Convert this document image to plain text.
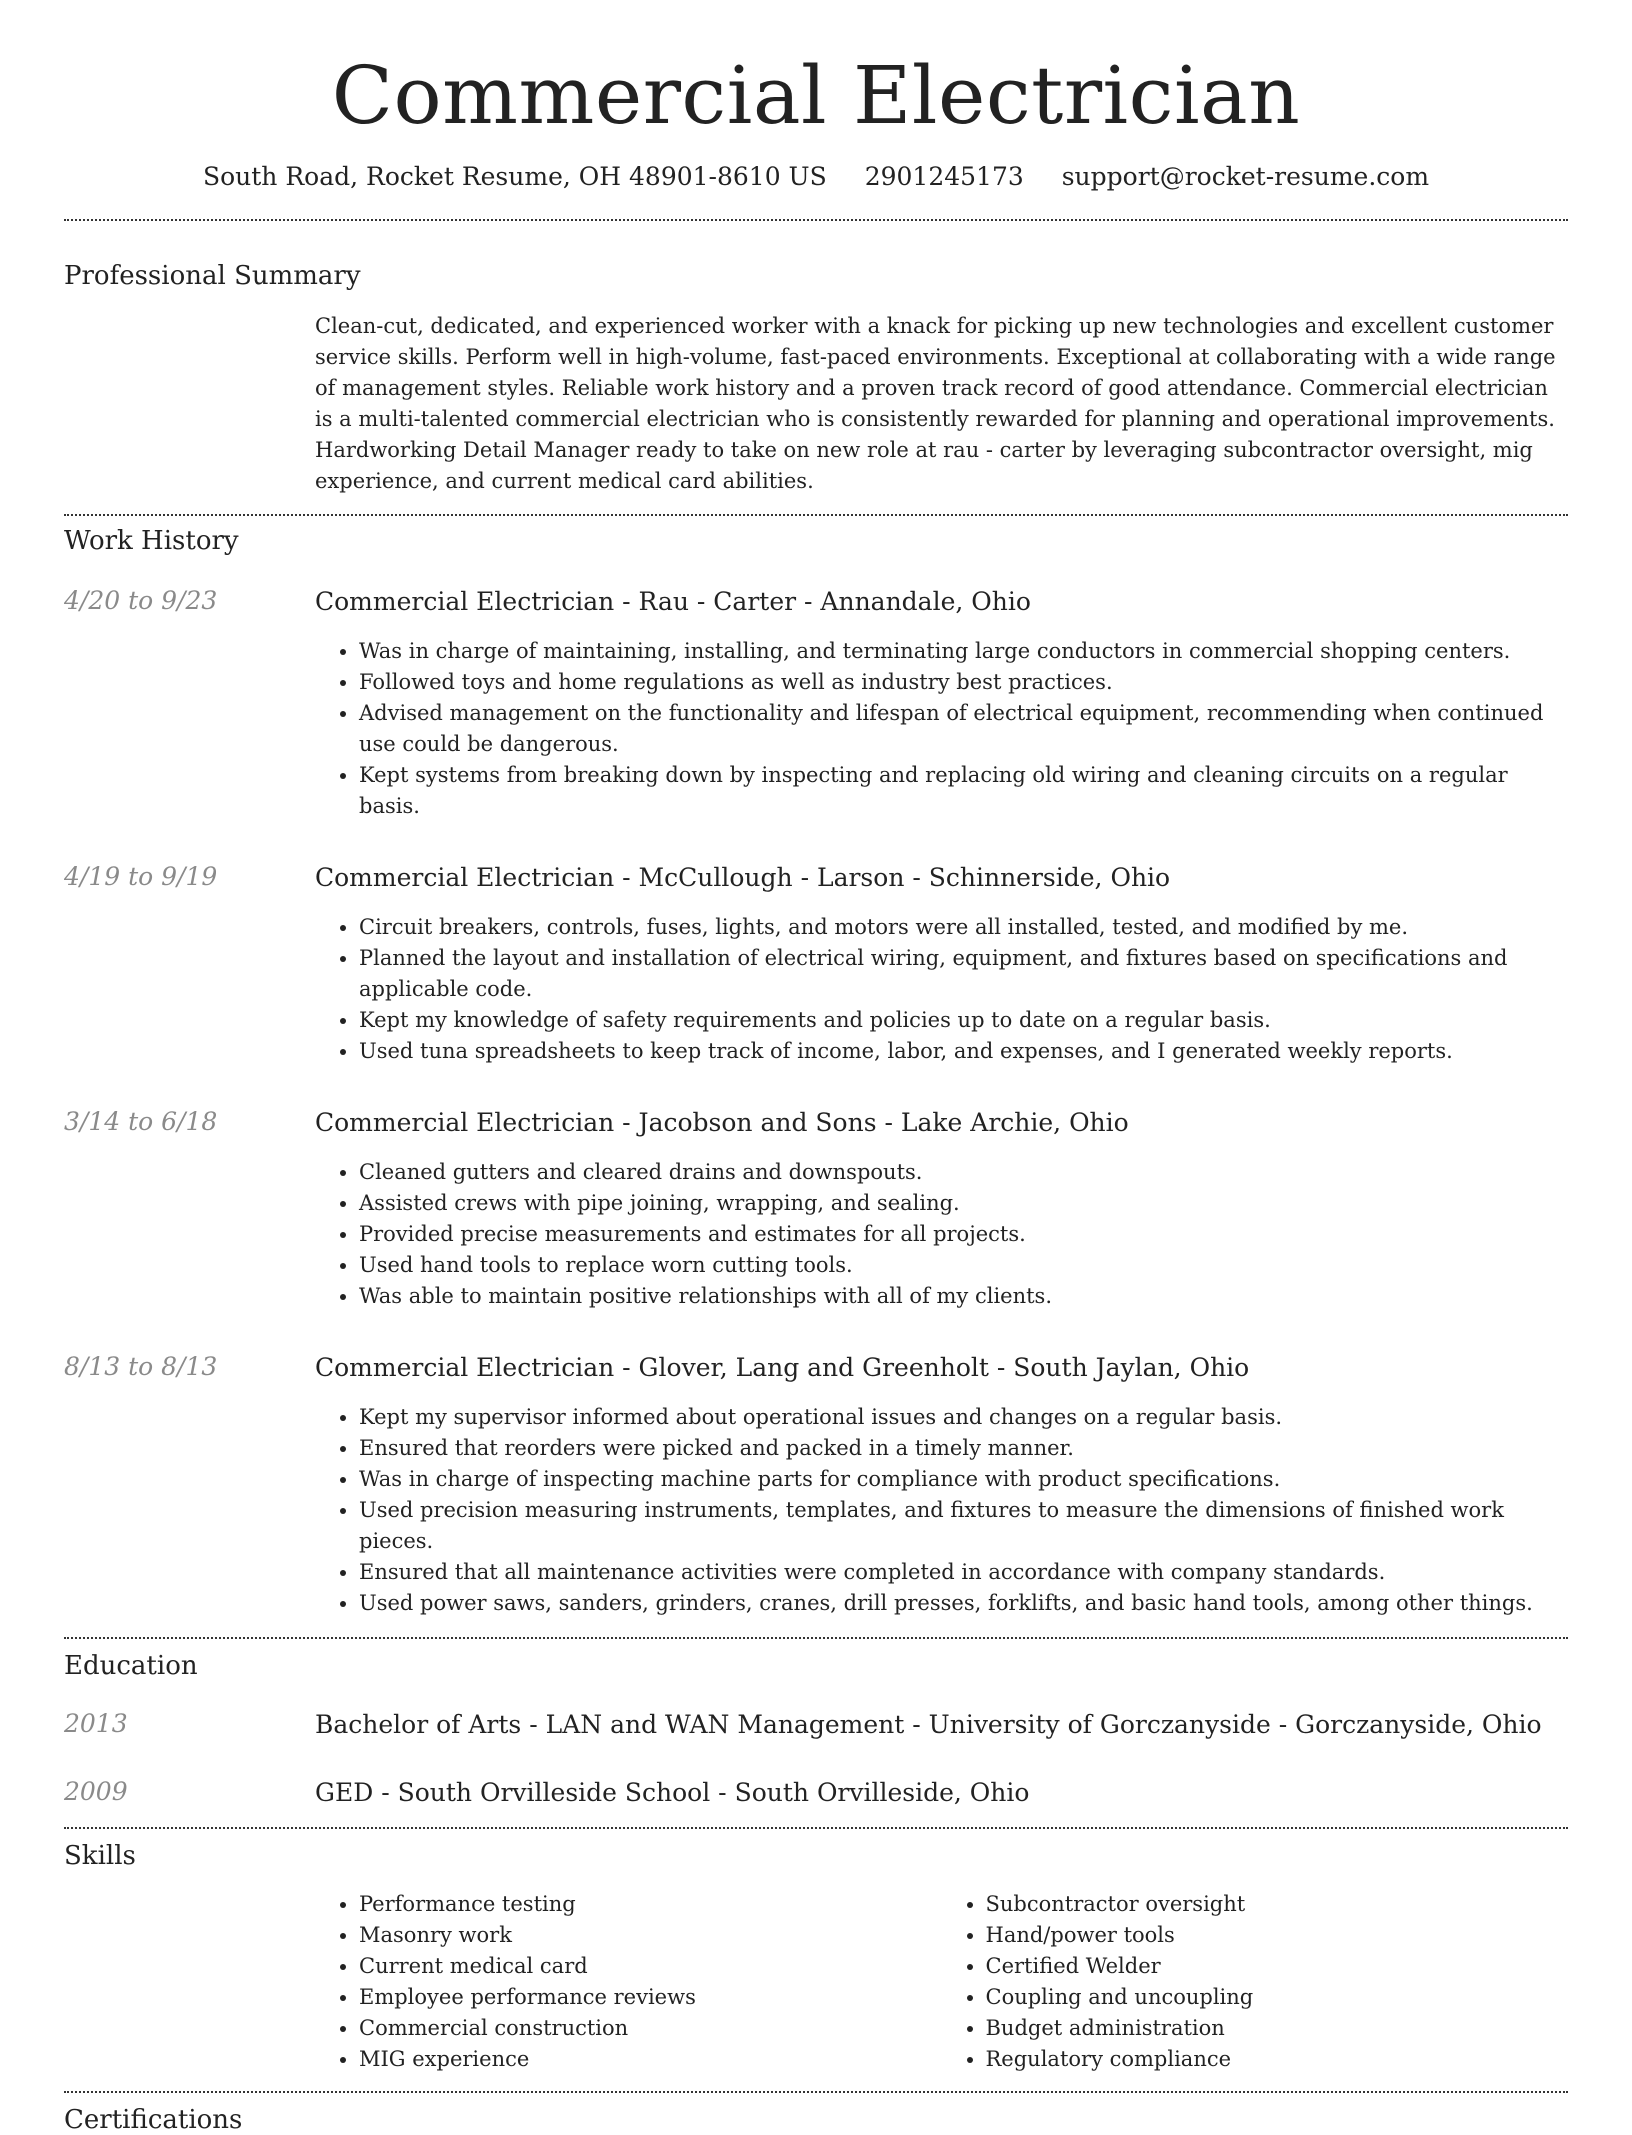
Commercial Electrician
South Road, Rocket Resume, OH 48901-8610 US 2901245173 support@rocket-resume.com
Professional Summary
Clean-cut, dedicated, and experienced worker with a knack for picking up new technologies and excellent customer service skills. Perform well in high-volume, fast-paced environments. Exceptional at collaborating with a wide range of management styles. Reliable work history and a proven track record of good attendance. Commercial electrician is a multi-talented commercial electrician who is consistently rewarded for planning and operational improvements. Hardworking Detail Manager ready to take on new role at rau - carter by leveraging subcontractor oversight, mig experience, and current medical card abilities.
Work History
4/20 to 9/23	Commercial Electrician - Rau - Carter - Annandale, Ohio
• Was in charge of maintaining, installing, and terminating large conductors in commercial shopping centers.
• Followed toys and home regulations as well as industry best practices.
• Advised management on the functionality and lifespan of electrical equipment, recommending when continued use could be dangerous.
• Kept systems from breaking down by inspecting and replacing old wiring and cleaning circuits on a regular basis.
4/19 to 9/19	Commercial Electrician - McCullough - Larson - Schinnerside, Ohio
• Circuit breakers, controls, fuses, lights, and motors were all installed, tested, and modified by me.
• Planned the layout and installation of electrical wiring, equipment, and fixtures based on specifications and applicable code.
• Kept my knowledge of safety requirements and policies up to date on a regular basis.
• Used tuna spreadsheets to keep track of income, labor, and expenses, and I generated weekly reports.
3/14 to 6/18	Commercial Electrician - Jacobson and Sons - Lake Archie, Ohio
• Cleaned gutters and cleared drains and downspouts.
• Assisted crews with pipe joining, wrapping, and sealing.
• Provided precise measurements and estimates for all projects.
• Used hand tools to replace worn cutting tools.
• Was able to maintain positive relationships with all of my clients.
8/13 to 8/13	Commercial Electrician - Glover, Lang and Greenholt - South Jaylan, Ohio
• Kept my supervisor informed about operational issues and changes on a regular basis.
• Ensured that reorders were picked and packed in a timely manner.
• Was in charge of inspecting machine parts for compliance with product specifications.
• Used precision measuring instruments, templates, and fixtures to measure the dimensions of finished work pieces.
• Ensured that all maintenance activities were completed in accordance with company standards.
• Used power saws, sanders, grinders, cranes, drill presses, forklifts, and basic hand tools, among other things.
Education
2013	Bachelor of Arts - LAN and WAN Management - University of Gorczanyside - Gorczanyside, Ohio
2009	GED - South Orvilleside School - South Orvilleside, Ohio
Skills
• Performance testing
• Masonry work
• Current medical card
• Employee performance reviews
• Commercial construction
• MIG experience
• Subcontractor oversight
• Hand/power tools
• Certified Welder
• Coupling and uncoupling
• Budget administration
• Regulatory compliance
Certifications
